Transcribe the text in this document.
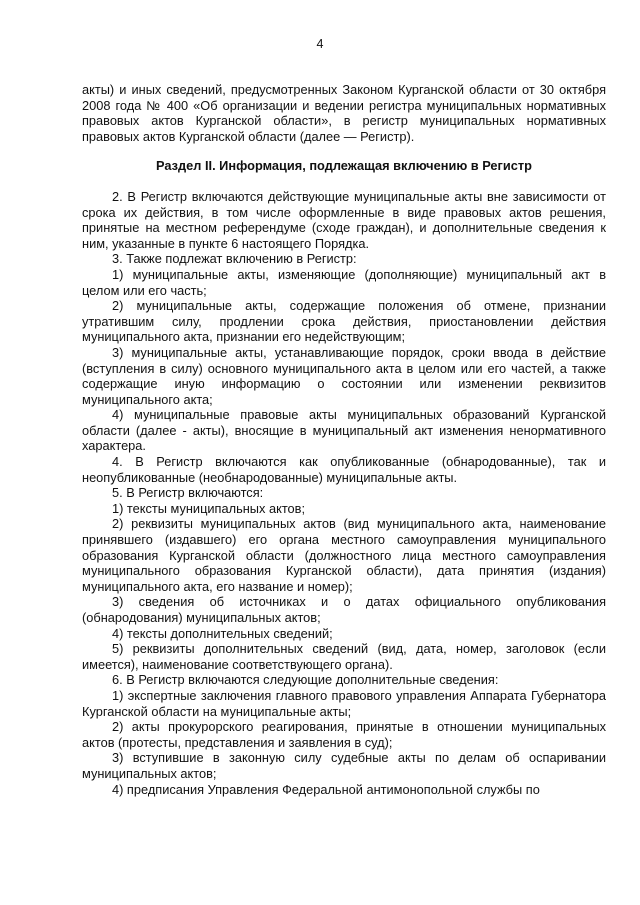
4

акты) и иных сведений, предусмотренных Законом Курганской области от 30 октября 2008 года № 400 «Об организации и ведении регистра муниципальных нормативных правовых актов Курганской области», в регистр муниципальных нормативных правовых актов Курганской области (далее — Регистр).

Раздел II. Информация, подлежащая включению в Регистр

2. В Регистр включаются действующие муниципальные акты вне зависимости от срока их действия, в том числе оформленные в виде правовых актов решения, принятые на местном референдуме (сходе граждан), и дополнительные сведения к ним, указанные в пункте 6 настоящего Порядка.

3. Также подлежат включению в Регистр:

1) муниципальные акты, изменяющие (дополняющие) муниципальный акт в целом или его часть;

2) муниципальные акты, содержащие положения об отмене, признании утратившим силу, продлении срока действия, приостановлении действия муниципального акта, признании его недействующим;

3) муниципальные акты, устанавливающие порядок, сроки ввода в действие (вступления в силу) основного муниципального акта в целом или его частей, а также содержащие иную информацию о состоянии или изменении реквизитов муниципального акта;

4) муниципальные правовые акты муниципальных образований Курганской области (далее - акты), вносящие в муниципальный акт изменения ненормативного характера.

4. В Регистр включаются как опубликованные (обнародованные), так и неопубликованные (необнародованные) муниципальные акты.

5. В Регистр включаются:

1) тексты муниципальных актов;

2) реквизиты муниципальных актов (вид муниципального акта, наименование принявшего (издавшего) его органа местного самоуправления муниципального образования Курганской области (должностного лица местного самоуправления муниципального образования Курганской области), дата принятия (издания) муниципального акта, его название и номер);

3) сведения об источниках и о датах официального опубликования (обнародования) муниципальных актов;

4) тексты дополнительных сведений;

5) реквизиты дополнительных сведений (вид, дата, номер, заголовок (если имеется), наименование соответствующего органа).

6. В Регистр включаются следующие дополнительные сведения:

1) экспертные заключения главного правового управления Аппарата Губернатора Курганской области на муниципальные акты;

2) акты прокурорского реагирования, принятые в отношении муниципальных актов (протесты, представления и заявления в суд);

3) вступившие в законную силу судебные акты по делам об оспаривании муниципальных актов;

4) предписания Управления Федеральной антимонопольной службы по
